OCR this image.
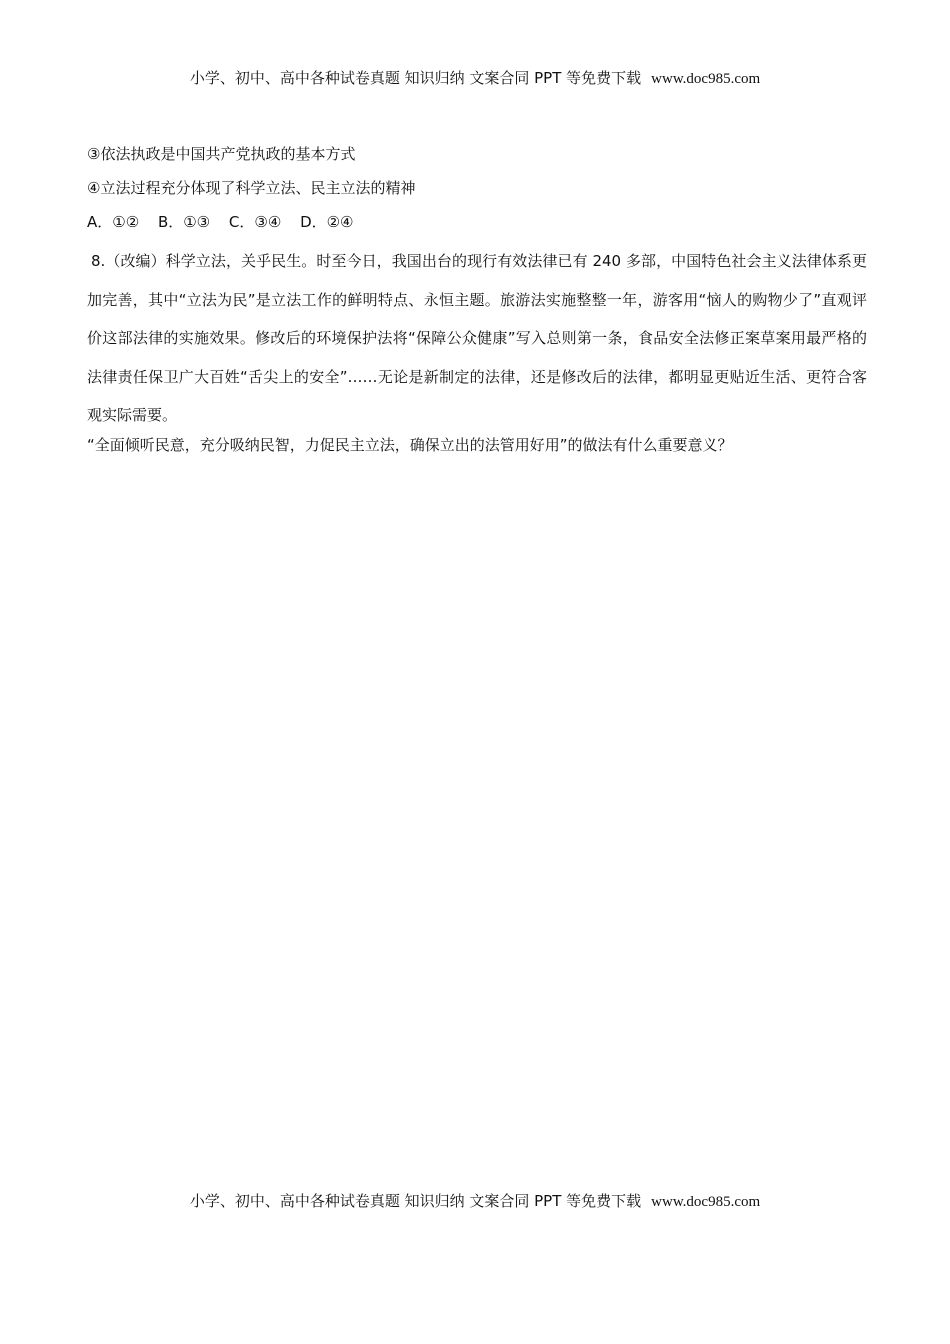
小学、初中、高中各种试卷真题 知识归纳 文案合同 PPT 等免费下载 www.doc985.com
③依法执政是中国共产党执政的基本方式
④立法过程充分体现了科学立法、民主立法的精神
A．①② B．①③ C．③④ D．②④
8.（改编）科学立法，关乎民生。时至今日，我国出台的现行有效法律已有 240 多部，中国特色社会主义法律体系更加完善，其中“立法为民”是立法工作的鲜明特点、永恒主题。旅游法实施整整一年，游客用“恼人的购物少了”直观评价这部法律的实施效果。修改后的环境保护法将“保障公众健康”写入总则第一条，食品安全法修正案草案用最严格的法律责任保卫广大百姓“舌尖上的安全”……无论是新制定的法律，还是修改后的法律，都明显更贴近生活、更符合客观实际需要。
“全面倾听民意，充分吸纳民智，力促民主立法，确保立出的法管用好用”的做法有什么重要意义？
小学、初中、高中各种试卷真题 知识归纳 文案合同 PPT 等免费下载 www.doc985.com
